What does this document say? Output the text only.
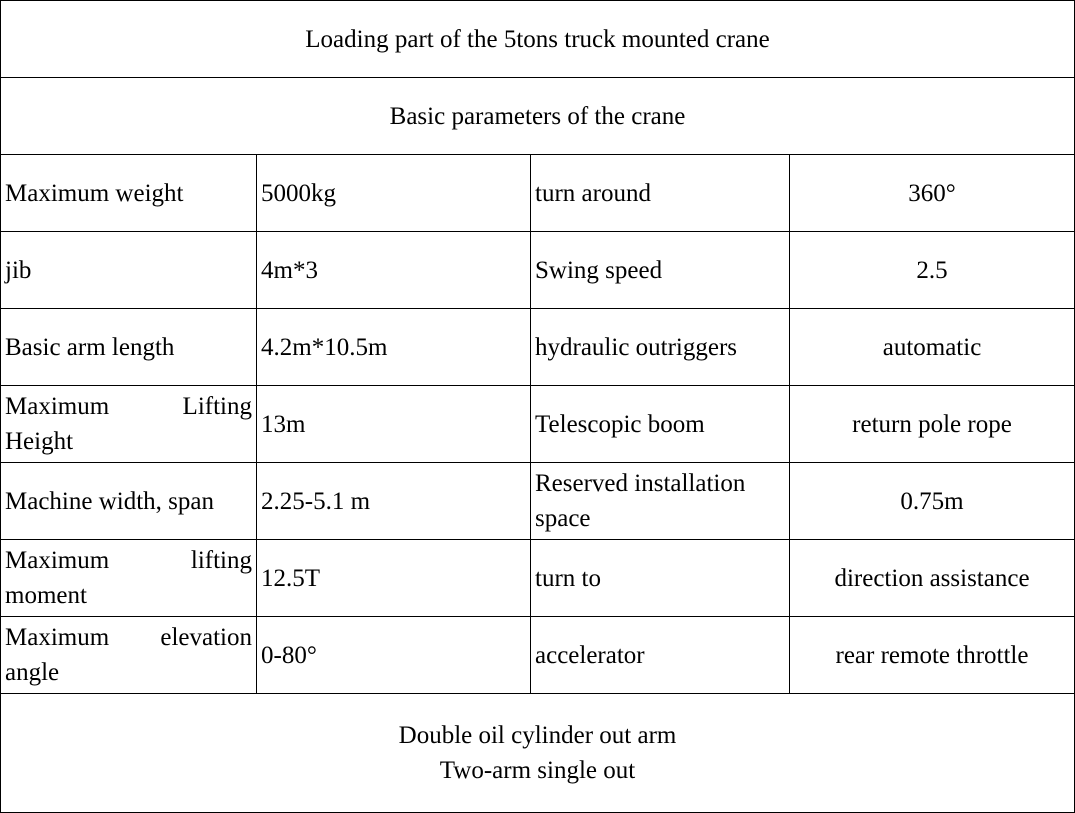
Loading part of the 5tons truck mounted crane			
Basic parameters of the crane			
Maximum weight	5000kg	turn around	360°
jib	4m*3	Swing speed	2.5
Basic arm length	4.2m*10.5m	hydraulic outriggers	automatic
Maximum Lifting Height	13m	Telescopic boom	return pole rope
Machine width, span	2.25-5.1 m	Reserved installation space	0.75m
Maximum lifting moment	12.5T	turn to	direction assistance
Maximum elevation angle	0-80°	accelerator	rear remote throttle

Double oil cylinder out arm
Two-arm single out			
